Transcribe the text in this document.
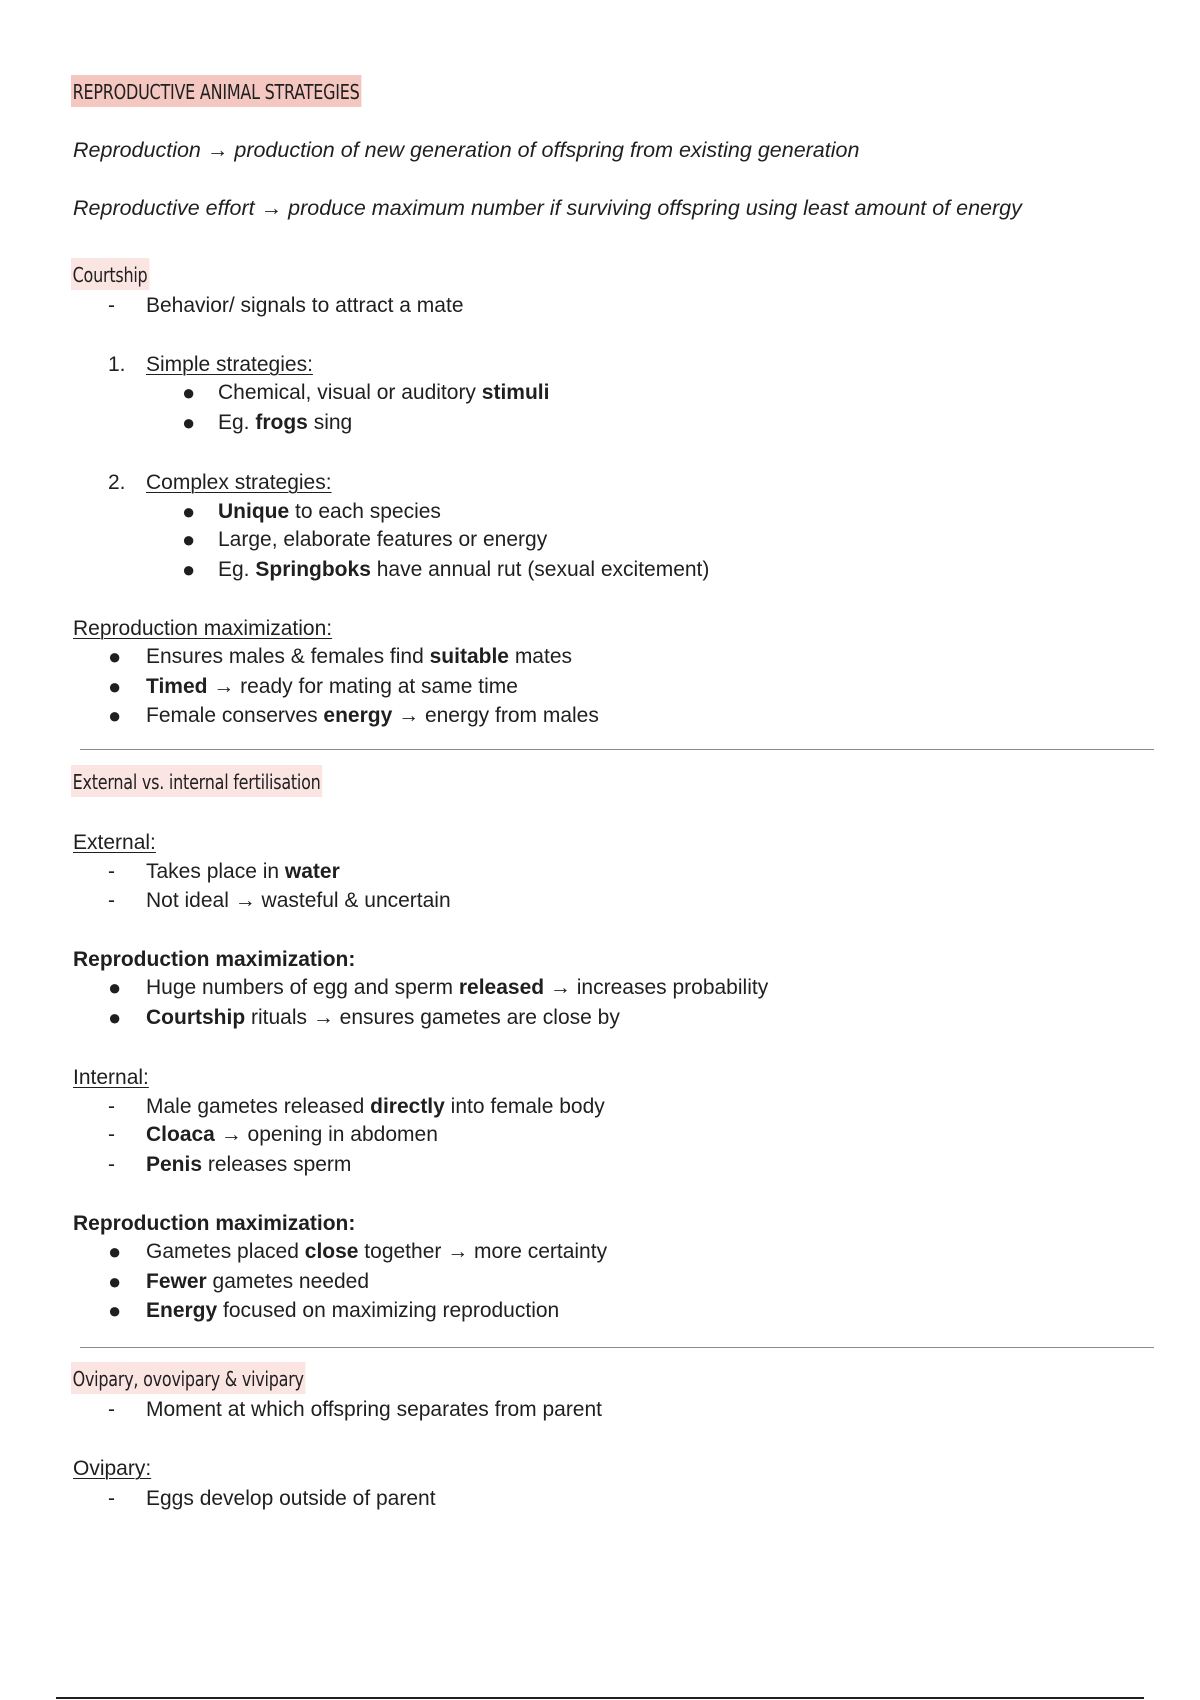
REPRODUCTIVE ANIMAL STRATEGIES
Reproduction → production of new generation of offspring from existing generation
Reproductive effort → produce maximum number if surviving offspring using least amount of energy
Courtship
- Behavior/ signals to attract a mate
1. Simple strategies:
● Chemical, visual or auditory stimuli
● Eg. frogs sing
2. Complex strategies:
● Unique to each species
● Large, elaborate features or energy
● Eg. Springboks have annual rut (sexual excitement)
Reproduction maximization:
● Ensures males & females find suitable mates
● Timed → ready for mating at same time
● Female conserves energy → energy from males
External vs. internal fertilisation
External:
- Takes place in water
- Not ideal → wasteful & uncertain
Reproduction maximization:
● Huge numbers of egg and sperm released → increases probability
● Courtship rituals → ensures gametes are close by
Internal:
- Male gametes released directly into female body
- Cloaca → opening in abdomen
- Penis releases sperm
Reproduction maximization:
● Gametes placed close together → more certainty
● Fewer gametes needed
● Energy focused on maximizing reproduction
Ovipary, ovovipary & vivipary
- Moment at which offspring separates from parent
Ovipary:
- Eggs develop outside of parent
